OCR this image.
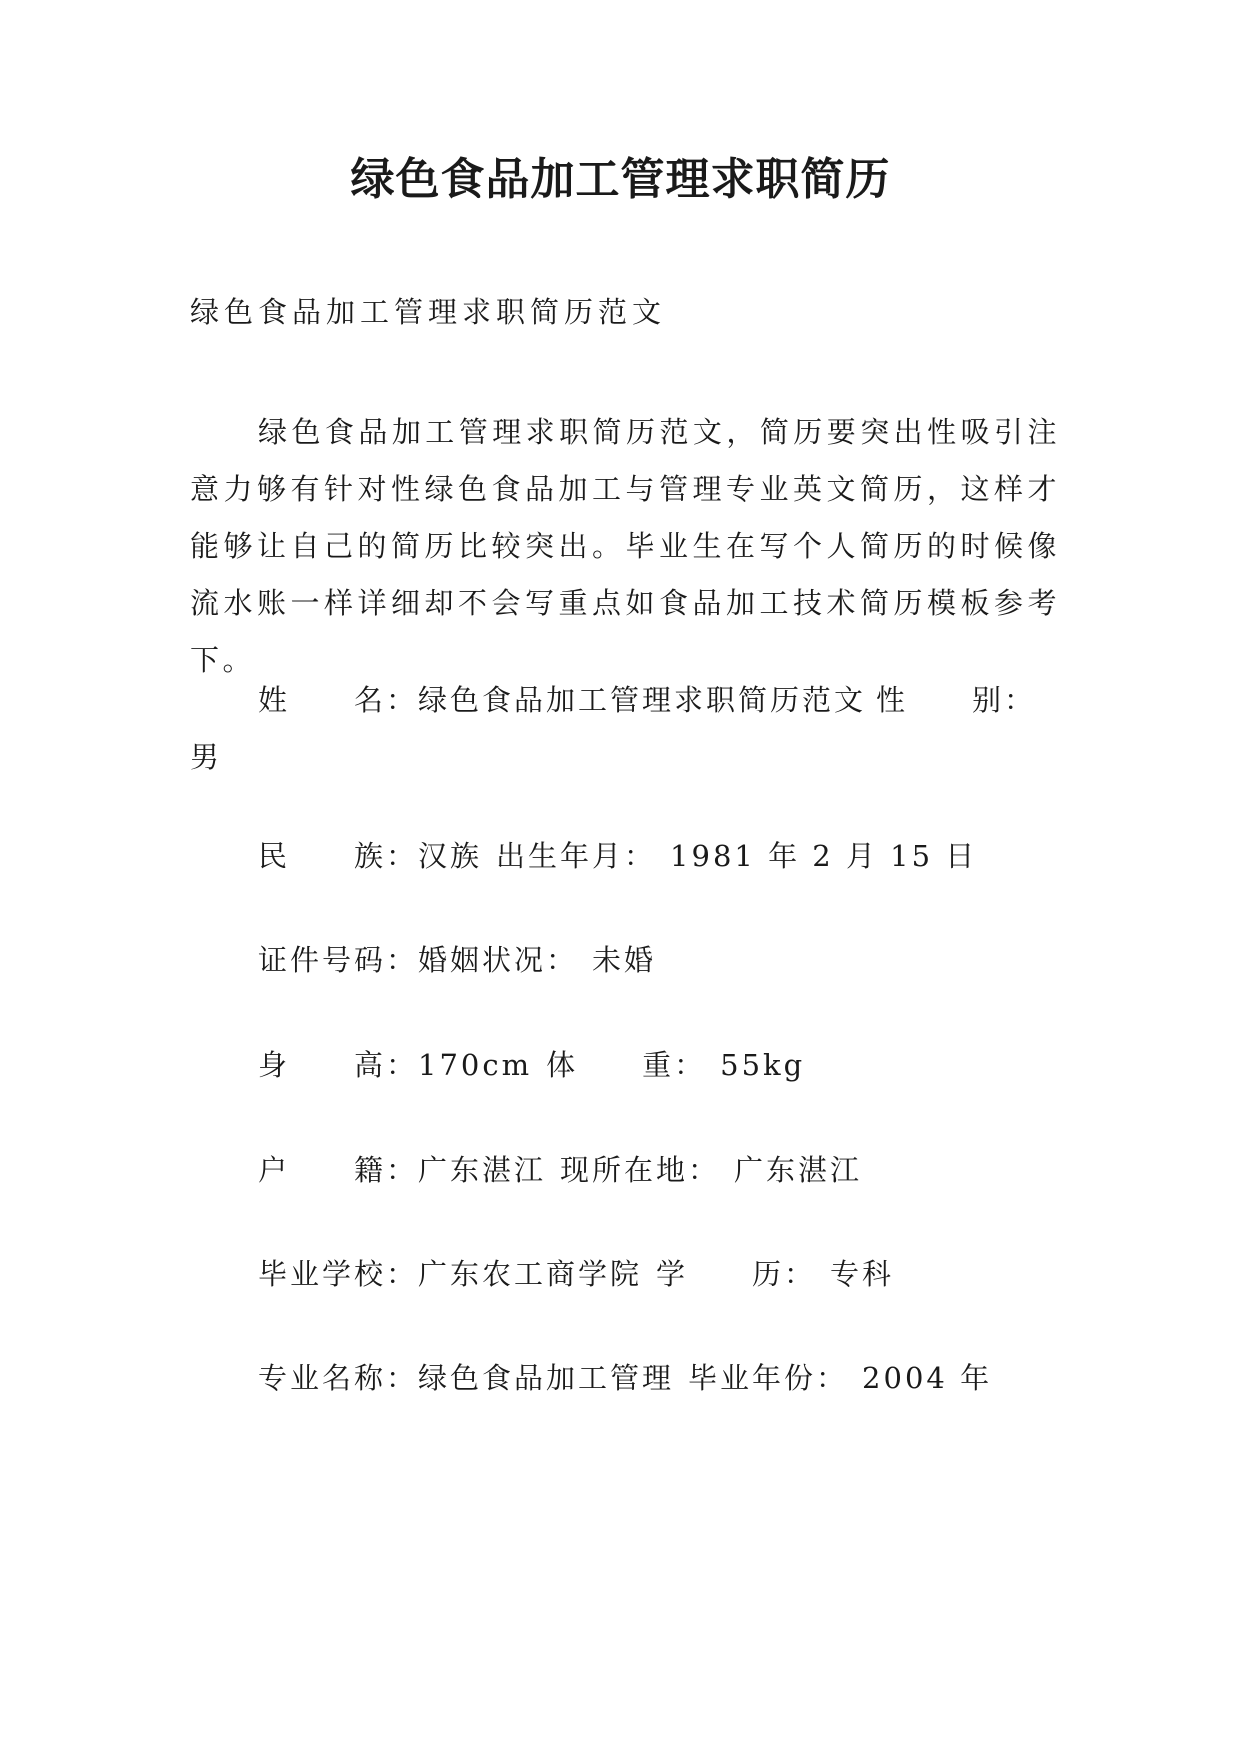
绿色食品加工管理求职简历
绿色食品加工管理求职简历范文

绿色食品加工管理求职简历范文，简历要突出性吸引注意力够有针对性绿色食品加工与管理专业英文简历，这样才能够让自己的简历比较突出。毕业生在写个人简历的时候像流水账一样详细却不会写重点如食品加工技术简历模板参考下。

姓　　名：绿色食品加工管理求职简历范文 性　　别：男

民　　族：汉族 出生年月： 1981 年 2 月 15 日

证件号码：婚姻状况： 未婚

身　　高：170cm 体　　重： 55kg

户　　籍：广东湛江 现所在地： 广东湛江

毕业学校：广东农工商学院 学　　历： 专科

专业名称：绿色食品加工管理 毕业年份： 2004 年
